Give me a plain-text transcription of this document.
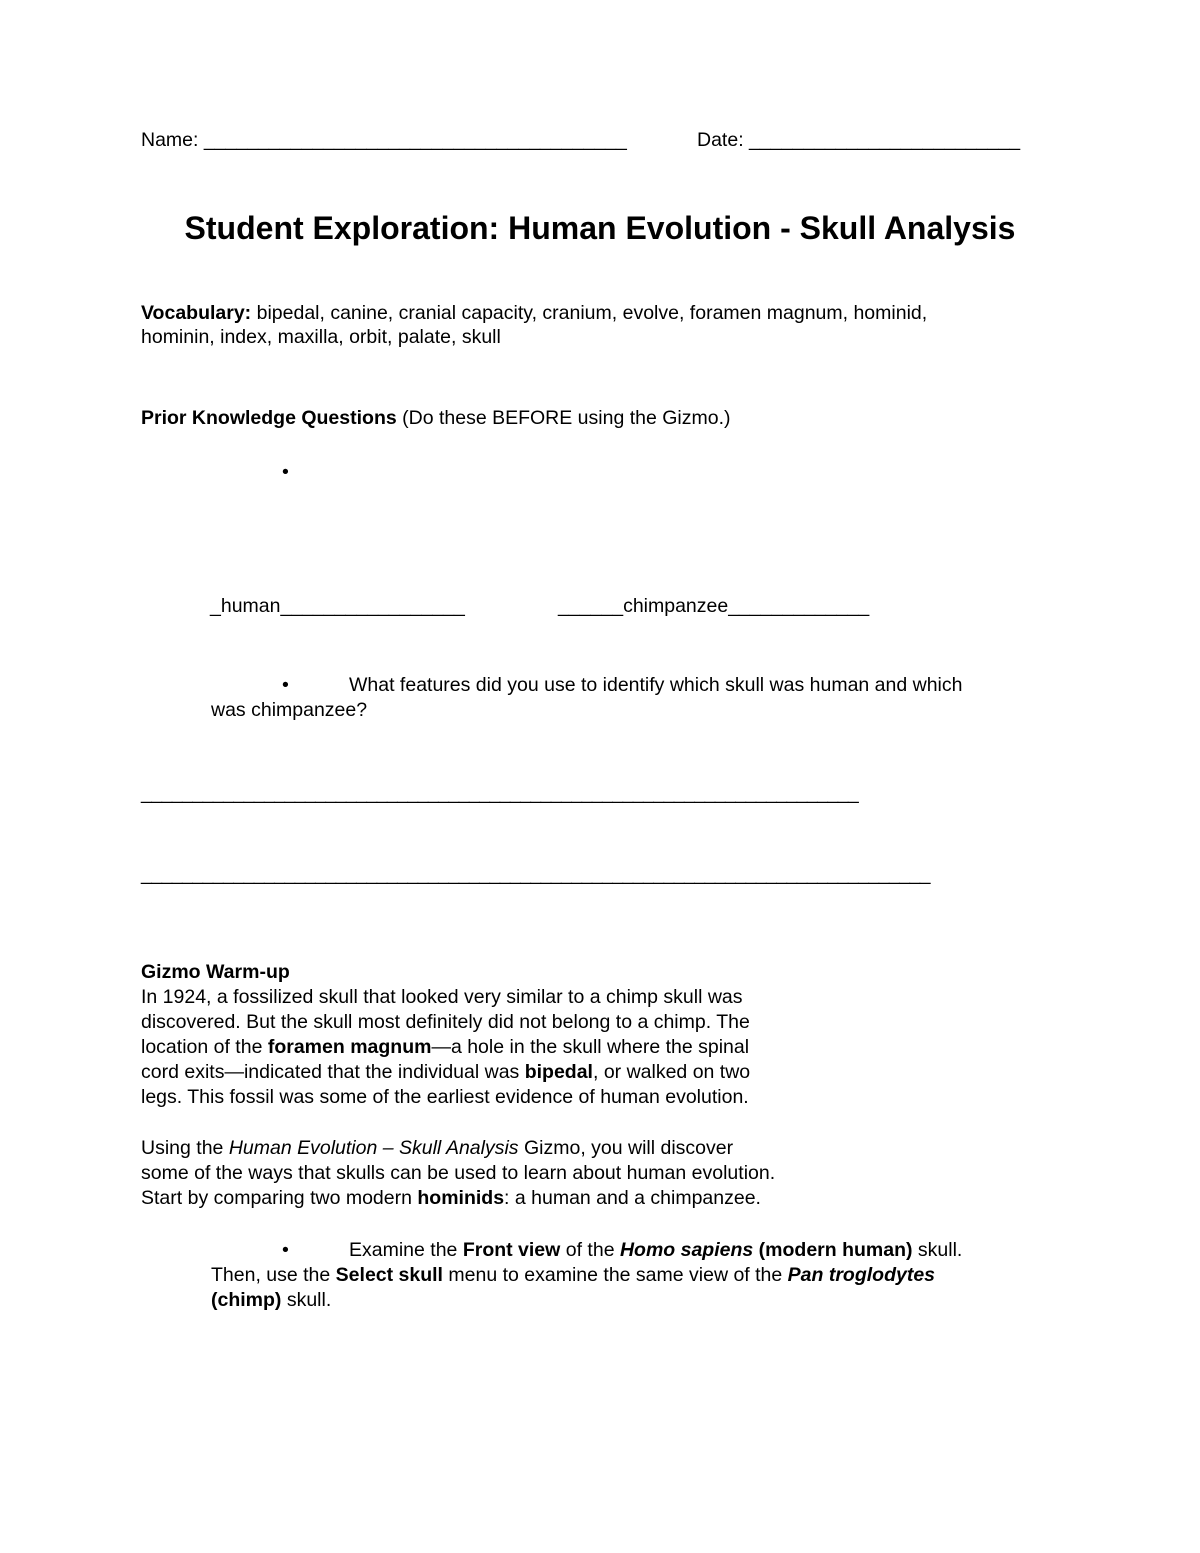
Name: _______________________________________	Date: _________________________
Student Exploration: Human Evolution - Skull Analysis
Vocabulary: bipedal, canine, cranial capacity, cranium, evolve, foramen magnum, hominid,
hominin, index, maxilla, orbit, palate, skull
Prior Knowledge Questions (Do these BEFORE using the Gizmo.)
•
_human_________________	______chimpanzee_____________
•	What features did you use to identify which skull was human and which
was chimpanzee?
______________________________________________________________________
_____________________________________________________________________________
Gizmo Warm-up
In 1924, a fossilized skull that looked very similar to a chimp skull was
discovered. But the skull most definitely did not belong to a chimp. The
location of the foramen magnum—a hole in the skull where the spinal
cord exits—indicated that the individual was bipedal, or walked on two
legs. This fossil was some of the earliest evidence of human evolution.
Using the Human Evolution – Skull Analysis Gizmo, you will discover
some of the ways that skulls can be used to learn about human evolution.
Start by comparing two modern hominids: a human and a chimpanzee.
•	Examine the Front view of the Homo sapiens (modern human) skull.
Then, use the Select skull menu to examine the same view of the Pan troglodytes
(chimp) skull.
